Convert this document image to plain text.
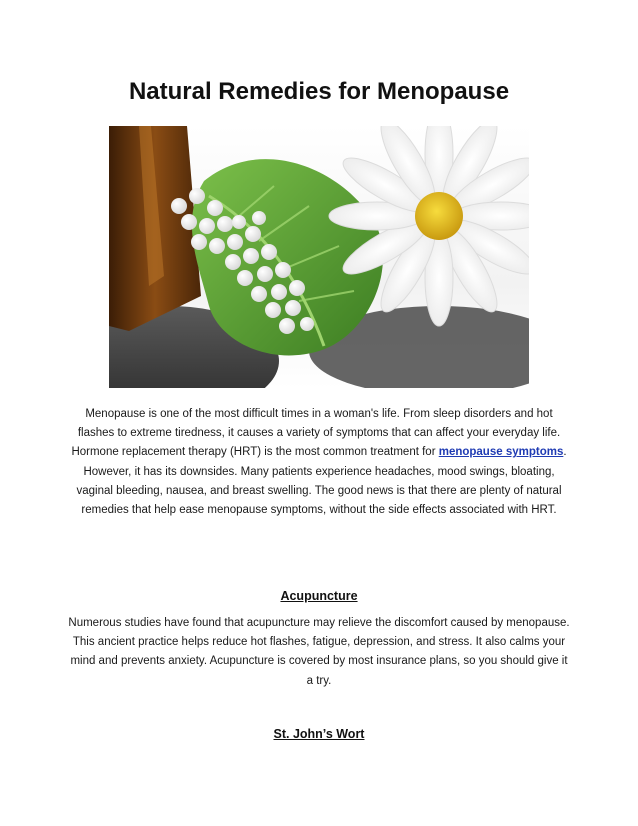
Natural Remedies for Menopause

Menopause is one of the most difficult times in a woman's life. From sleep disorders and hot flashes to extreme tiredness, it causes a variety of symptoms that can affect your everyday life. Hormone replacement therapy (HRT) is the most common treatment for menopause symptoms. However, it has its downsides. Many patients experience headaches, mood swings, bloating, vaginal bleeding, nausea, and breast swelling. The good news is that there are plenty of natural remedies that help ease menopause symptoms, without the side effects associated with HRT.

Acupuncture

Numerous studies have found that acupuncture may relieve the discomfort caused by menopause. This ancient practice helps reduce hot flashes, fatigue, depression, and stress. It also calms your mind and prevents anxiety. Acupuncture is covered by most insurance plans, so you should give it a try.

St. John’s Wort
